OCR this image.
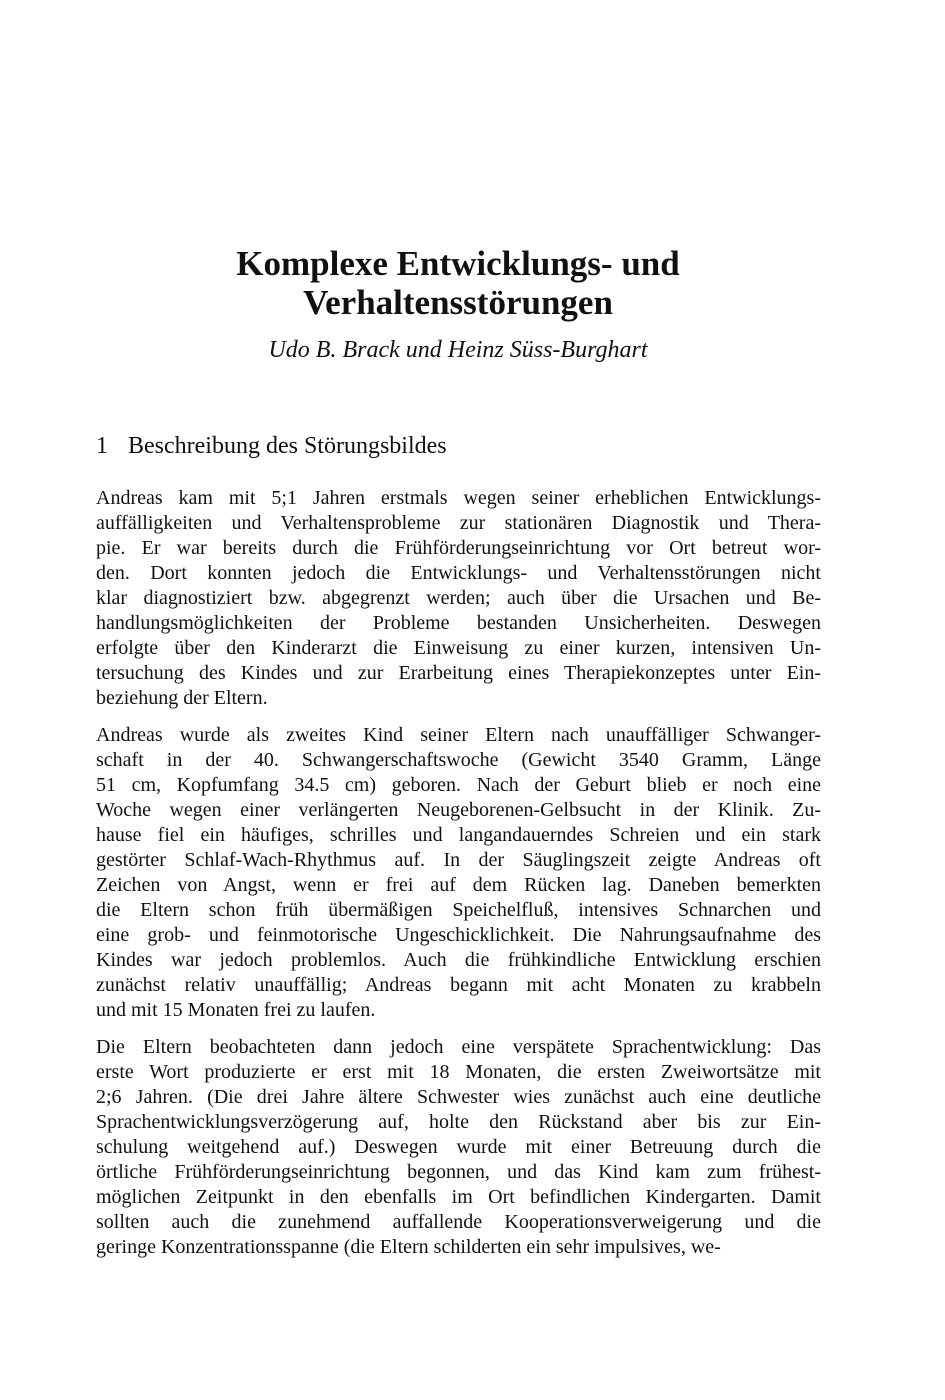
Komplexe Entwicklungs- und
Verhaltensstörungen
Udo B. Brack und Heinz Süss-Burghart
1 Beschreibung des Störungsbildes
Andreas kam mit 5;1 Jahren erstmals wegen seiner erheblichen Entwicklungs-
auffälligkeiten und Verhaltensprobleme zur stationären Diagnostik und Thera-
pie. Er war bereits durch die Frühförderungseinrichtung vor Ort betreut wor-
den. Dort konnten jedoch die Entwicklungs- und Verhaltensstörungen nicht
klar diagnostiziert bzw. abgegrenzt werden; auch über die Ursachen und Be-
handlungsmöglichkeiten der Probleme bestanden Unsicherheiten. Deswegen
erfolgte über den Kinderarzt die Einweisung zu einer kurzen, intensiven Un-
tersuchung des Kindes und zur Erarbeitung eines Therapiekonzeptes unter Ein-
beziehung der Eltern.
Andreas wurde als zweites Kind seiner Eltern nach unauffälliger Schwanger-
schaft in der 40. Schwangerschaftswoche (Gewicht 3540 Gramm, Länge
51 cm, Kopfumfang 34.5 cm) geboren. Nach der Geburt blieb er noch eine
Woche wegen einer verlängerten Neugeborenen-Gelbsucht in der Klinik. Zu-
hause fiel ein häufiges, schrilles und langandauerndes Schreien und ein stark
gestörter Schlaf-Wach-Rhythmus auf. In der Säuglingszeit zeigte Andreas oft
Zeichen von Angst, wenn er frei auf dem Rücken lag. Daneben bemerkten
die Eltern schon früh übermäßigen Speichelfluß, intensives Schnarchen und
eine grob- und feinmotorische Ungeschicklichkeit. Die Nahrungsaufnahme des
Kindes war jedoch problemlos. Auch die frühkindliche Entwicklung erschien
zunächst relativ unauffällig; Andreas begann mit acht Monaten zu krabbeln
und mit 15 Monaten frei zu laufen.
Die Eltern beobachteten dann jedoch eine verspätete Sprachentwicklung: Das
erste Wort produzierte er erst mit 18 Monaten, die ersten Zweiwortsätze mit
2;6 Jahren. (Die drei Jahre ältere Schwester wies zunächst auch eine deutliche
Sprachentwicklungsverzögerung auf, holte den Rückstand aber bis zur Ein-
schulung weitgehend auf.) Deswegen wurde mit einer Betreuung durch die
örtliche Frühförderungseinrichtung begonnen, und das Kind kam zum frühest-
möglichen Zeitpunkt in den ebenfalls im Ort befindlichen Kindergarten. Damit
sollten auch die zunehmend auffallende Kooperationsverweigerung und die
geringe Konzentrationsspanne (die Eltern schilderten ein sehr impulsives, we-
